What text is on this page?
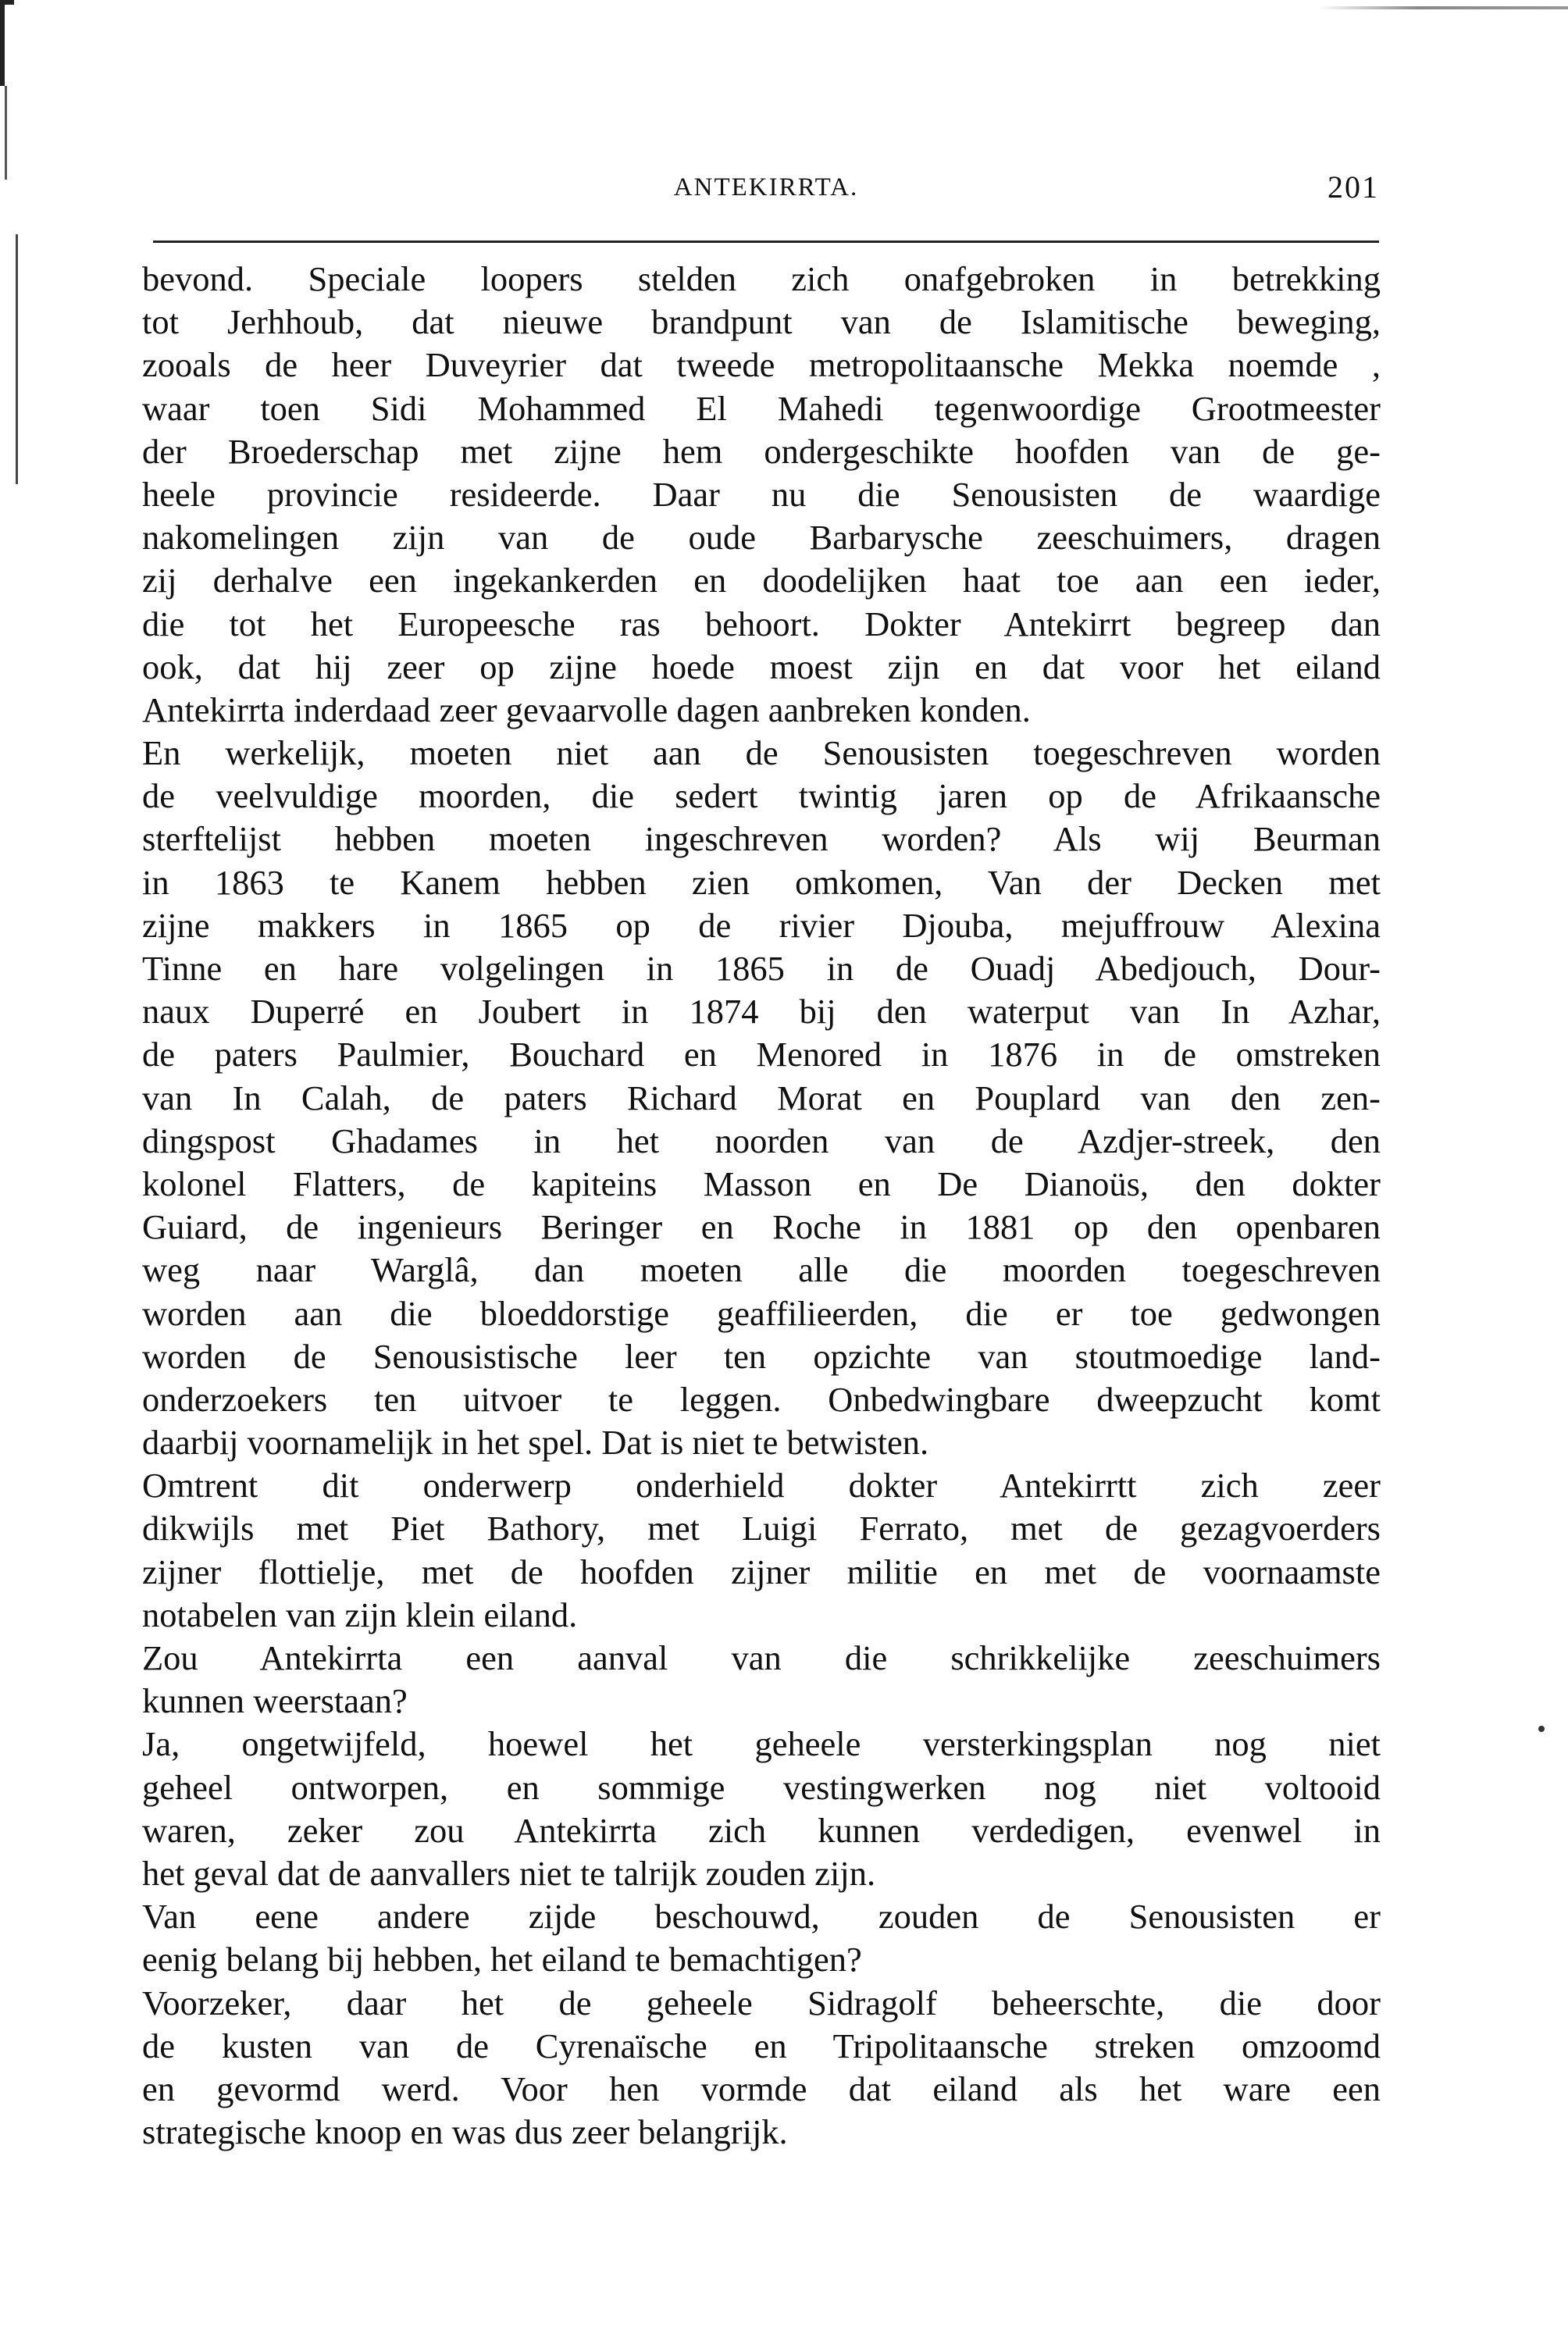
ANTEKIRRTA.	201
bevond. Speciale loopers stelden zich onafgebroken in betrekking
tot Jerhhoub, dat nieuwe brandpunt van de Islamitische beweging,
zooals de heer Duveyrier dat tweede metropolitaansche Mekka noemde ,
waar toen Sidi Mohammed El Mahedi tegenwoordige Grootmeester
der Broederschap met zijne hem ondergeschikte hoofden van de ge-
heele provincie resideerde. Daar nu die Senousisten de waardige
nakomelingen zijn van de oude Barbarysche zeeschuimers, dragen
zij derhalve een ingekankerden en doodelijken haat toe aan een ieder,
die tot het Europeesche ras behoort. Dokter Antekirrt begreep dan
ook, dat hij zeer op zijne hoede moest zijn en dat voor het eiland
Antekirrta inderdaad zeer gevaarvolle dagen aanbreken konden.
En werkelijk, moeten niet aan de Senousisten toegeschreven worden
de veelvuldige moorden, die sedert twintig jaren op de Afrikaansche
sterftelijst hebben moeten ingeschreven worden? Als wij Beurman
in 1863 te Kanem hebben zien omkomen, Van der Decken met
zijne makkers in 1865 op de rivier Djouba, mejuffrouw Alexina
Tinne en hare volgelingen in 1865 in de Ouadj Abedjouch, Dour-
naux Duperré en Joubert in 1874 bij den waterput van In Azhar,
de paters Paulmier, Bouchard en Menored in 1876 in de omstreken
van In Calah, de paters Richard Morat en Pouplard van den zen-
dingspost Ghadames in het noorden van de Azdjer-streek, den
kolonel Flatters, de kapiteins Masson en De Dianoüs, den dokter
Guiard, de ingenieurs Beringer en Roche in 1881 op den openbaren
weg naar Warglâ, dan moeten alle die moorden toegeschreven
worden aan die bloeddorstige geaffilieerden, die er toe gedwongen
worden de Senousistische leer ten opzichte van stoutmoedige land-
onderzoekers ten uitvoer te leggen. Onbedwingbare dweepzucht komt
daarbij voornamelijk in het spel. Dat is niet te betwisten.
Omtrent dit onderwerp onderhield dokter Antekirrtt zich zeer
dikwijls met Piet Bathory, met Luigi Ferrato, met de gezagvoerders
zijner flottielje, met de hoofden zijner militie en met de voornaamste
notabelen van zijn klein eiland.
Zou Antekirrta een aanval van die schrikkelijke zeeschuimers
kunnen weerstaan?
Ja, ongetwijfeld, hoewel het geheele versterkingsplan nog niet
geheel ontworpen, en sommige vestingwerken nog niet voltooid
waren, zeker zou Antekirrta zich kunnen verdedigen, evenwel in
het geval dat de aanvallers niet te talrijk zouden zijn.
Van eene andere zijde beschouwd, zouden de Senousisten er
eenig belang bij hebben, het eiland te bemachtigen?
Voorzeker, daar het de geheele Sidragolf beheerschte, die door
de kusten van de Cyrenaïsche en Tripolitaansche streken omzoomd
en gevormd werd. Voor hen vormde dat eiland als het ware een
strategische knoop en was dus zeer belangrijk.
